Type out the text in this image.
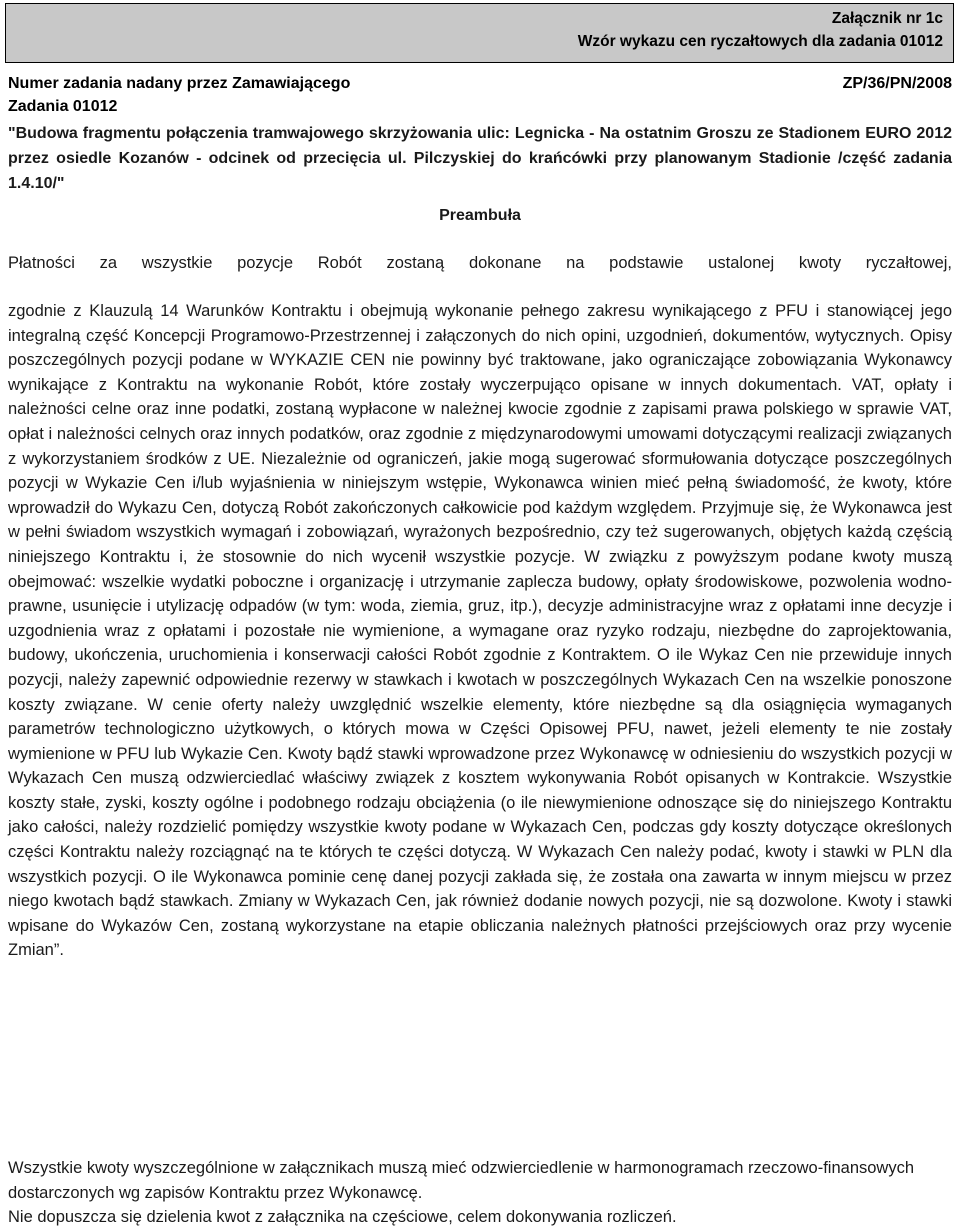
Załącznik nr 1c
Wzór wykazu cen ryczałtowych dla zadania 01012
Numer zadania nadany przez Zamawiającego	ZP/36/PN/2008
Zadania 01012
"Budowa fragmentu połączenia tramwajowego skrzyżowania ulic: Legnicka - Na ostatnim Groszu ze Stadionem EURO 2012 przez osiedle Kozanów - odcinek od przecięcia ul. Pilczyskiej do krańcówki przy planowanym Stadionie /część zadania 1.4.10/"
Preambuła
Płatności za wszystkie pozycje Robót zostaną dokonane na podstawie ustalonej kwoty ryczałtowej,
zgodnie z Klauzulą 14 Warunków Kontraktu i obejmują wykonanie pełnego zakresu wynikającego z PFU i stanowiącej jego integralną część Koncepcji Programowo-Przestrzennej i załączonych do nich opini, uzgodnień, dokumentów, wytycznych. Opisy poszczególnych pozycji podane w WYKAZIE CEN nie powinny być traktowane, jako ograniczające zobowiązania Wykonawcy wynikające z Kontraktu na wykonanie Robót, które zostały wyczerpująco opisane w innych dokumentach. VAT, opłaty i należności celne oraz inne podatki, zostaną wypłacone w należnej kwocie zgodnie z zapisami prawa polskiego w sprawie VAT, opłat i należności celnych oraz innych podatków, oraz zgodnie z międzynarodowymi umowami dotyczącymi realizacji związanych z wykorzystaniem środków z UE. Niezależnie od ograniczeń, jakie mogą sugerować sformułowania dotyczące poszczególnych pozycji w Wykazie Cen i/lub wyjaśnienia w niniejszym wstępie, Wykonawca winien mieć pełną świadomość, że kwoty, które wprowadził do Wykazu Cen, dotyczą Robót zakończonych całkowicie pod każdym względem. Przyjmuje się, że Wykonawca jest w pełni świadom wszystkich wymagań i zobowiązań, wyrażonych bezpośrednio, czy też sugerowanych, objętych każdą częścią niniejszego Kontraktu i, że stosownie do nich wycenił wszystkie pozycje. W związku z powyższym podane kwoty muszą obejmować: wszelkie wydatki poboczne i organizację i utrzymanie zaplecza budowy, opłaty środowiskowe, pozwolenia wodno-prawne, usunięcie i utylizację odpadów (w tym: woda, ziemia, gruz, itp.), decyzje administracyjne wraz z opłatami inne decyzje i uzgodnienia wraz z opłatami i pozostałe nie wymienione, a wymagane oraz ryzyko rodzaju, niezbędne do zaprojektowania, budowy, ukończenia, uruchomienia i konserwacji całości Robót zgodnie z Kontraktem. O ile Wykaz Cen nie przewiduje innych pozycji, należy zapewnić odpowiednie rezerwy w stawkach i kwotach w poszczególnych Wykazach Cen na wszelkie ponoszone koszty związane. W cenie oferty należy uwzględnić wszelkie elementy, które niezbędne są dla osiągnięcia wymaganych parametrów technologiczno użytkowych, o których mowa w Części Opisowej PFU, nawet, jeżeli elementy te nie zostały wymienione w PFU lub Wykazie Cen. Kwoty bądź stawki wprowadzone przez Wykonawcę w odniesieniu do wszystkich pozycji w Wykazach Cen muszą odzwierciedlać właściwy związek z kosztem wykonywania Robót opisanych w Kontrakcie. Wszystkie koszty stałe, zyski, koszty ogólne i podobnego rodzaju obciążenia (o ile niewymienione odnoszące się do niniejszego Kontraktu jako całości, należy rozdzielić pomiędzy wszystkie kwoty podane w Wykazach Cen, podczas gdy koszty dotyczące określonych części Kontraktu należy rozciągnąć na te których te części dotyczą. W Wykazach Cen należy podać, kwoty i stawki w PLN dla wszystkich pozycji. O ile Wykonawca pominie cenę danej pozycji zakłada się, że została ona zawarta w innym miejscu w przez niego kwotach bądź stawkach. Zmiany w Wykazach Cen, jak również dodanie nowych pozycji, nie są dozwolone. Kwoty i stawki wpisane do Wykazów Cen, zostaną wykorzystane na etapie obliczania należnych płatności przejściowych oraz przy wycenie Zmian”.

Wszystkie kwoty wyszczególnione w załącznikach muszą mieć odzwierciedlenie w harmonogramach rzeczowo-finansowych dostarczonych wg zapisów Kontraktu przez Wykonawcę.

Nie dopuszcza się dzielenia kwot z załącznika na częściowe, celem dokonywania rozliczeń.
